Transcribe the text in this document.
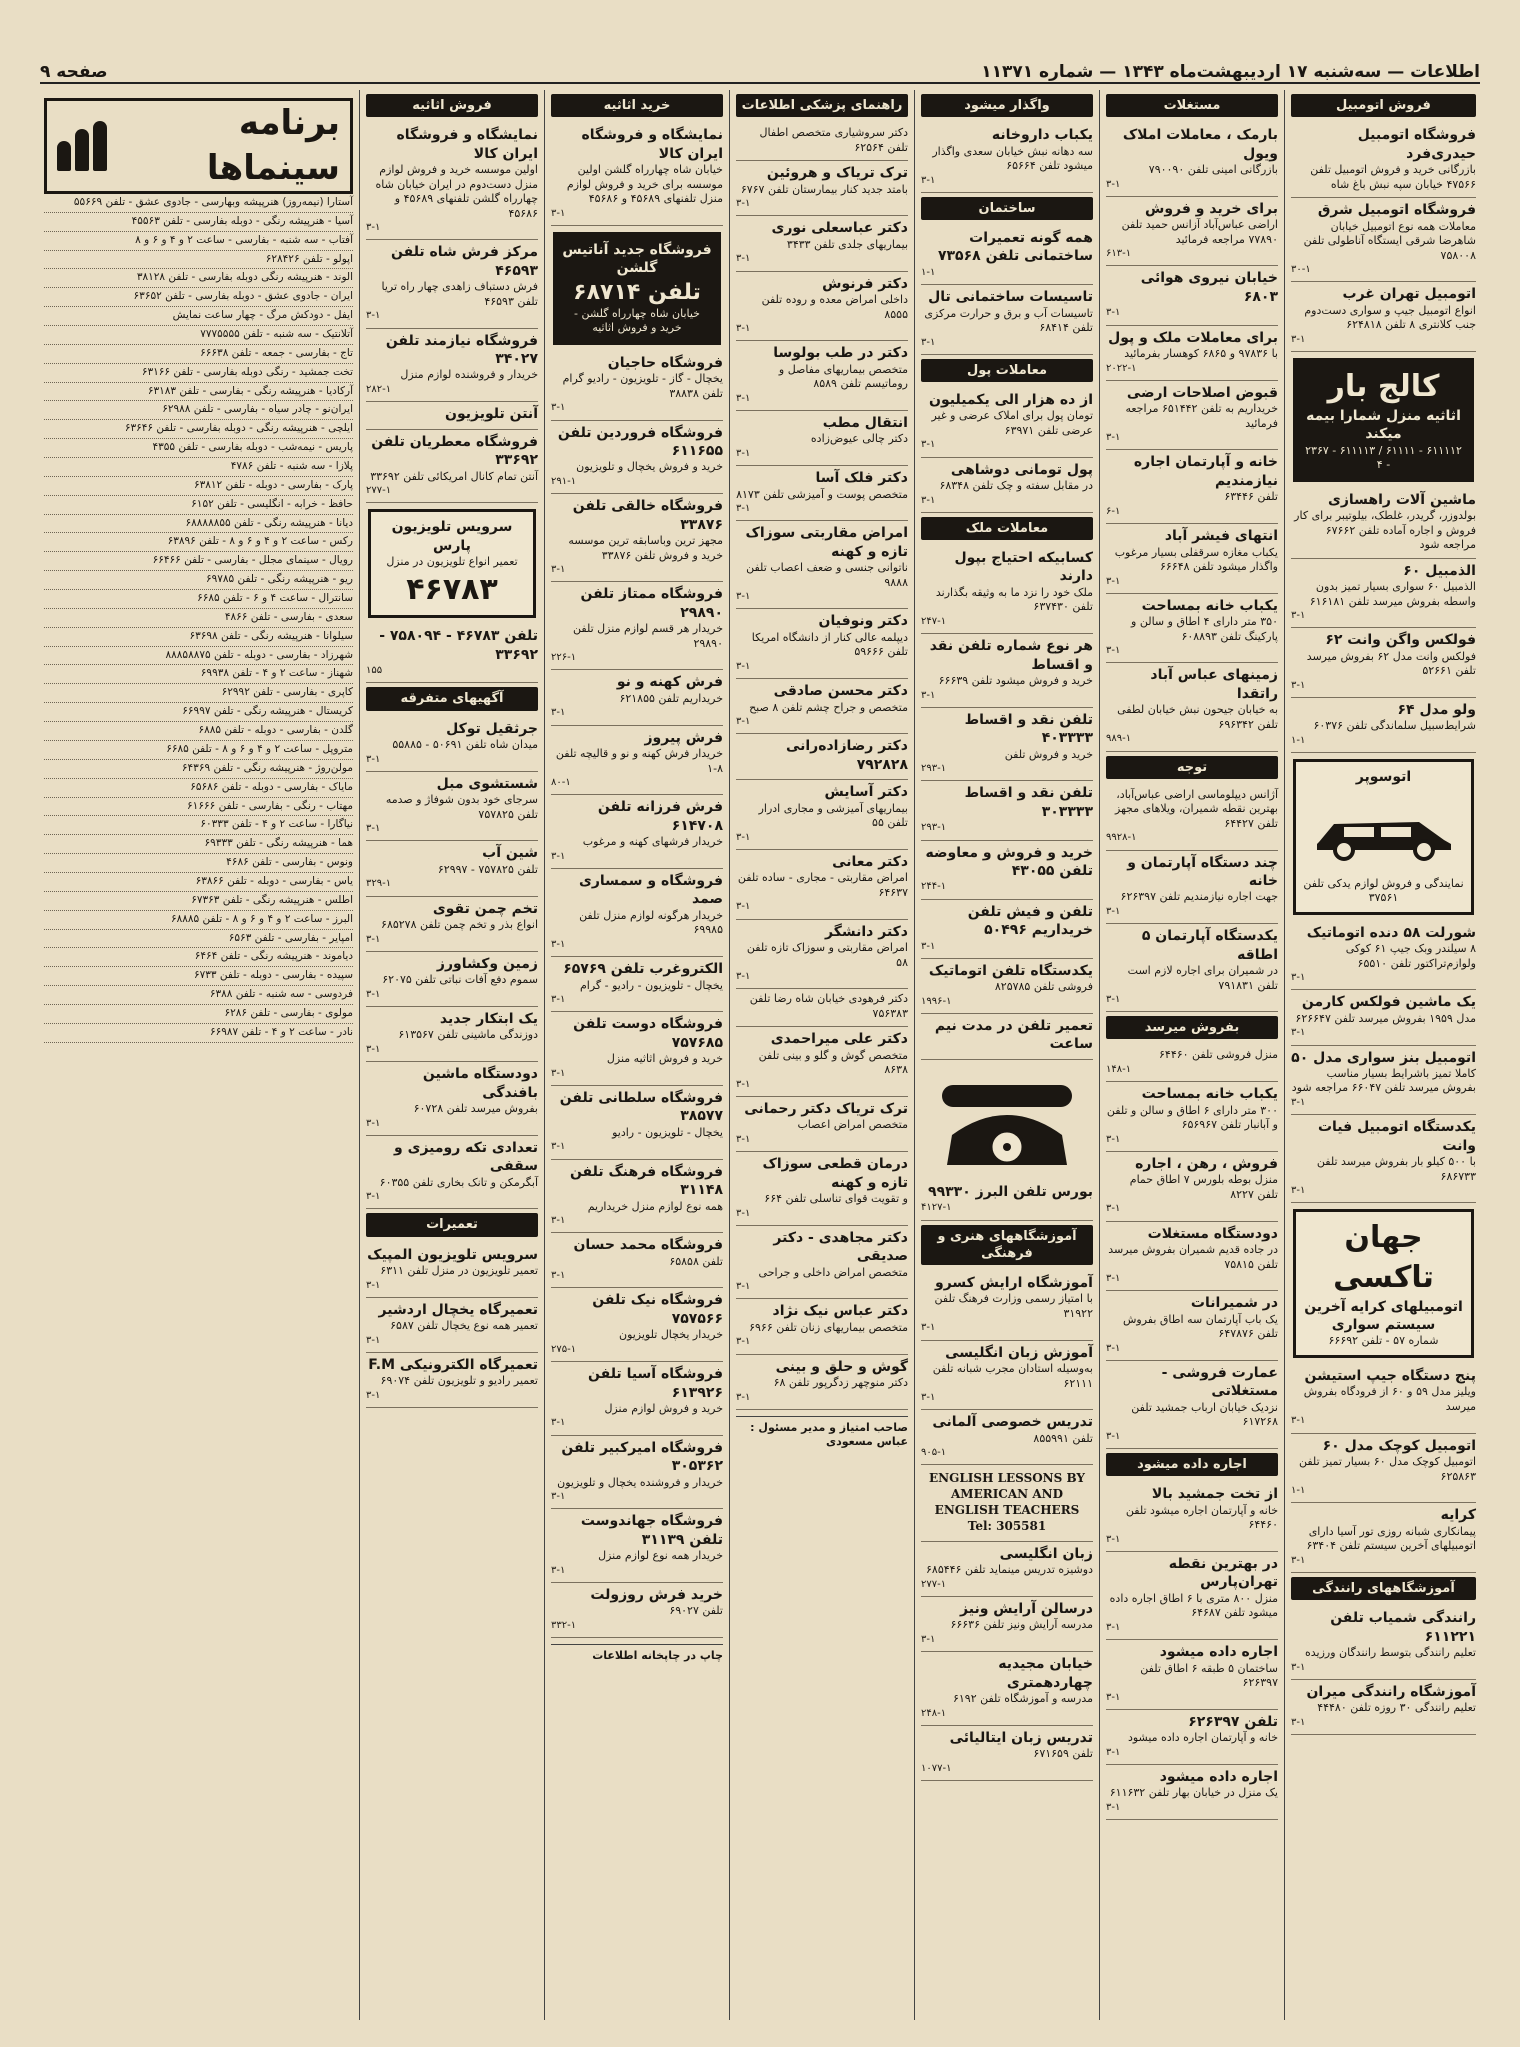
اطلاعات — سه‌شنبه ۱۷ اردیبهشت‌ماه ۱۳۴۳ — شماره ۱۱۳۷۱
صفحه ۹
فروش اتومبیل
فروشگاه اتومبیل حیدری‌فرد
بازرگانی خرید و فروش اتومبیل تلفن ۴۷۵۶۶ خیابان سپه نبش باغ شاه
فروشگاه اتومبیل شرق
معاملات همه نوع اتومبیل خیابان شاهرضا شرقی ایستگاه آناطولی تلفن ۷۵۸۰۰۸
۳۰-۱
اتومبیل تهران غرب
انواع اتومبیل جیپ و سواری دست‌دوم جنب کلانتری ۸ تلفن ۶۲۴۸۱۸
۳-۱
کالج بار
اثاثیه منزل شمارا بیمه میکند
۶۱۱۱۱۲ - ۶۱۱۱۱ / ۶۱۱۱۱۳ - ۲۳۶۷ - ۴
ماشین آلات راهسازی
بولدوزر، گریدر، غلطک، بیلوتیبر برای کار فروش و اجاره آماده تلفن ۶۷۶۶۲ مراجعه شود
الذمبیل ۶۰
الذمبیل ۶۰ سواری بسیار تمیز بدون واسطه بفروش میرسد تلفن ۶۱۶۱۸۱
۳-۱
فولکس واگن وانت ۶۲
فولکس وانت مدل ۶۲ بفروش میرسد تلفن ۵۲۶۶۱
۳-۱
ولو مدل ۶۴
شرایط‌سبیل سلماندگی تلفن ۶۰۳۷۶
۱-۱
اتوسوپر
نمایندگی و فروش لوازم یدکی تلفن ۳۷۵۶۱
شورلت ۵۸ دنده اتوماتیک
۸ سیلندر وبک جیپ ۶۱ کوکی ولوازم‌تراکتور تلفن ۶۵۵۱۰
۳-۱
یک ماشین فولکس کارمن
مدل ۱۹۵۹ بفروش میرسد تلفن ۶۲۶۶۴۷
۳-۱
اتومبیل بنز سواری مدل ۵۰
کاملا تمیز باشرایط بسیار مناسب بفروش میرسد تلفن ۶۶۰۴۷ مراجعه شود
۳-۱
یکدستگاه اتومبیل فیات وانت
با ۵۰۰ کیلو بار بفروش میرسد تلفن ۶۸۶۷۳۳
۳-۱
جهان تاکسی
اتومبیلهای کرایه آخرین سیستم سواری
شماره ۵۷ - تلفن ۶۶۶۹۲
پنج دستگاه جیپ استیشن
ویلیز مدل ۵۹ و ۶۰ از فرودگاه بفروش میرسد
۳-۱
اتومبیل کوچک مدل ۶۰
اتومبیل کوچک مدل ۶۰ بسیار تمیز تلفن ۶۲۵۸۶۳
۱-۱
کرایه
پیمانکاری شبانه روزی تور آسیا دارای اتومبیلهای آخرین سیستم تلفن ۶۳۴۰۴
۳-۱
آموزشگاههای رانندگی
رانندگی شمیاب تلفن ۶۱۱۲۲۱
تعلیم رانندگی بتوسط رانندگان ورزیده
۳-۱
آموزشگاه رانندگی میران
تعلیم رانندگی ۳۰ روزه تلفن ۴۴۴۸۰
۳-۱
مستغلات
بارمک ، معاملات املاک ویول
بازرگانی امینی تلفن ۷۹۰۰۹۰
۳-۱
برای خرید و فروش
اراضی عباس‌آباد آزانس حمید تلفن ۷۷۸۹۰ مراجعه فرمائید
۶۱۳-۱
خیابان نیروی هوائی ۶۸۰۳
۳-۱
برای معاملات ملک و پول
با ۹۷۸۳۶ و ۶۸۶۵ کوهسار بفرمائید
۲۰۲۲-۱
قبوض اصلاحات ارضی
خریداریم به تلفن ۶۵۱۴۴۲ مراجعه فرمائید
۳-۱
خانه و آپارتمان اجاره نیازمندیم
تلفن ۶۳۴۴۶
۶-۱
انتهای فیشر آباد
یکباب مغازه سرقفلی بسیار مرغوب واگذار میشود تلفن ۶۶۶۴۸
۳-۱
یکباب خانه بمساحت
۳۵۰ متر دارای ۴ اطاق و سالن و پارکینگ تلفن ۶۰۸۸۹۳
۳-۱
زمینهای عباس آباد راتقدا
به خیابان جیحون نبش خیابان لطفی تلفن ۶۹۶۳۴۲
۹۸۹-۱
توجه
آژانس دیپلوماسی اراضی عباس‌آباد، بهترین نقطه شمیران، ویلاهای مجهز تلفن ۶۴۴۲۷
۹۹۲۸-۱
چند دستگاه آپارتمان و خانه
جهت اجاره نیازمندیم تلفن ۶۲۶۳۹۷
۳-۱
یکدستگاه آپارتمان ۵ اطاقه
در شمیران برای اجاره لازم است تلفن ۷۹۱۸۳۱
۳-۱
بفروش میرسد
منزل فروشی تلفن ۶۴۴۶۰
۱۴۸-۱
یکباب خانه بمساحت
۳۰۰ متر دارای ۶ اطاق و سالن و تلفن و آبانبار تلفن ۶۵۶۹۶۷
۳-۱
فروش ، رهن ، اجاره
منزل بوطه بلورس ۷ اطاق حمام تلفن ۸۲۲۷
۳-۱
دودستگاه مستغلات
در جاده قدیم شمیران بفروش میرسد تلفن ۷۵۸۱۵
۳-۱
در شمیرانات
یک باب آپارتمان سه اطاق بفروش تلفن ۶۴۷۸۷۶
۳-۱
عمارت فروشی - مستغلاتی
نزدیک خیابان ارباب جمشید تلفن ۶۱۷۲۶۸
۳-۱
اجاره داده میشود
از تخت جمشید بالا
خانه و آپارتمان اجاره میشود تلفن ۶۴۴۶۰
۳-۱
در بهترین نقطه تهران‌پارس
منزل ۸۰۰ متری با ۶ اطاق اجاره داده میشود تلفن ۶۴۶۸۷
۳-۱
اجاره داده میشود
ساختمان ۵ طبقه ۶ اطاق تلفن ۶۲۶۳۹۷
۳-۱
تلفن ۶۲۶۳۹۷
خانه و آپارتمان اجاره داده میشود
۳-۱
اجاره داده میشود
یک منزل در خیابان بهار تلفن ۶۱۱۶۳۲
۳-۱
واگذار میشود
یکباب داروخانه
سه دهانه نبش خیابان سعدی واگذار میشود تلفن ۶۵۶۶۴
۳-۱
ساختمان
همه گونه تعمیرات ساختمانی تلفن ۷۳۵۶۸
۱-۱
تاسیسات ساختمانی تال
تاسیسات آب و برق و حرارت مرکزی تلفن ۶۸۴۱۴
۳-۱
معاملات پول
از ده هزار الی یکمیلیون
تومان پول برای املاک عرضی و غیر عرضی تلفن ۶۳۹۷۱
۳-۱
پول تومانی دوشاهی
در مقابل سفته و چک تلفن ۶۸۳۴۸
۳-۱
معاملات ملک
کسابیکه احتیاج بپول دارند
ملک خود را نزد ما به وثیقه بگذارند تلفن ۶۳۷۴۳۰
۲۴۷-۱
هر نوع شماره تلفن نقد و اقساط
خرید و فروش میشود تلفن ۶۶۶۳۹
۳-۱
تلفن نقد و اقساط ۴۰۳۳۳۳
خرید و فروش تلفن
۲۹۳-۱
تلفن نقد و اقساط ۳۰۳۳۳۳
۲۹۳-۱
خرید و فروش و معاوضه تلفن ۴۳۰۵۵
۲۴۴-۱
تلفن و فیش تلفن خریداریم ۵۰۴۹۶
۳-۱
یکدستگاه تلفن اتوماتیک
فروشی تلفن ۸۲۵۷۸۵
۱۹۹۶-۱
تعمیر تلفن در مدت نیم ساعت
بورس تلفن البرز ۹۹۳۳۰
۴۱۲۷-۱
آموزشگاههای هنری و فرهنگی
آموزشگاه ارایش کسرو
با امتیاز رسمی وزارت فرهنگ تلفن ۳۱۹۲۲
۳-۱
آموزش زبان انگلیسی
به‌وسیله استادان مجرب شبانه تلفن ۶۲۱۱۱
۳-۱
تدریس خصوصی آلمانی
تلفن ۸۵۵۹۹۱
۹۰۵-۱
ENGLISH LESSONS BY
AMERICAN AND
ENGLISH TEACHERS
Tel: 305581
زبان انگلیسی
دوشیزه تدریس مینماید تلفن ۶۸۵۴۴۶
۲۷۷-۱
درسالن آرایش ونیز
مدرسه آرایش ونیز تلفن ۶۶۶۳۶
۳-۱
خیابان مجیدیه چهاردهمتری
مدرسه و آموزشگاه تلفن ۶۱۹۲
۲۴۸-۱
تدریس زبان ایتالیائی
تلفن ۶۷۱۶۵۹
۱۰۷۷-۱
راهنمای پزشکی اطلاعات
دکتر سروشیاری متخصص اطفال تلفن ۶۲۵۶۴
ترک تریاک و هروئین
بامتد جدید کنار بیمارستان تلفن ۶۷۶۷
۳-۱
دکتر عباسعلی نوری
بیماریهای جلدی تلفن ۳۴۳۳
۳-۱
دکتر فرنوش
داخلی امراض معده و روده تلفن ۸۵۵۵
۳-۱
دکتر در طب بولوسا
متخصص بیماریهای مفاصل و روماتیسم تلفن ۸۵۸۹
۳-۱
انتقال مطب
دکتر چالی عیوض‌زاده
۳-۱
دکتر فلک آسا
متخصص پوست و آمیزشی تلفن ۸۱۷۳
۳-۱
امراض مقاربتی سوزاک تازه و کهنه
ناتوانی جنسی و ضعف اعصاب تلفن ۹۸۸۸
۳-۱
دکتر ونوفیان
دیپلمه عالی کنار از دانشگاه امریکا تلفن ۵۹۶۶۶
۳-۱
دکتر محسن صادقی
متخصص و جراح چشم تلفن ۸ صبح
۳-۱
دکتر رضازاده‌رانی ۷۹۲۸۲۸
دکتر آسایش
بیماریهای آمیزشی و مجاری ادرار تلفن ۵۵
۳-۱
دکتر معانی
امراض مقاربتی - مجاری - ساده تلفن ۶۴۶۳۷
۳-۱
دکتر دانشگر
امراض مقاربتی و سوزاک تازه تلفن ۵۸
۳-۱
دکتر فرهودی خیابان شاه رضا تلفن ۷۵۶۳۸۳
دکتر علی میراحمدی
متخصص گوش و گلو و بینی تلفن ۸۶۳۸
۳-۱
ترک تریاک دکتر رحمانی
متخصص امراض اعصاب
۳-۱
درمان قطعی سوزاک تازه و کهنه
و تقویت قوای تناسلی تلفن ۶۶۴
۳-۱
دکتر مجاهدی - دکتر صدیقی
متخصص امراض داخلی و جراحی
۳-۱
دکتر عباس نیک نژاد
متخصص بیماریهای زنان تلفن ۶۹۶۶
۳-۱
گوش و حلق و بینی
دکتر منوچهر زدگرپور تلفن ۶۸
۳-۱
صاحب امتیاز و مدیر مسئول : عباس مسعودی
خرید اثاثیه
نمایشگاه و فروشگاه ایران کالا
خیابان شاه چهارراه گلشن اولین موسسه برای خرید و فروش لوازم منزل تلفنهای ۴۵۶۸۹ و ۴۵۶۸۶
۳-۱
فروشگاه جدید آناتیس گلشن
تلفن ۶۸۷۱۴
خیابان شاه چهارراه گلشن - خرید و فروش اثاثیه
فروشگاه حاجیان
یخچال - گاز - تلویزیون - رادیو گرام تلفن ۳۸۸۳۸
۳-۱
فروشگاه فروردین تلفن ۶۱۱۶۵۵
خرید و فروش یخچال و تلویزیون
۲۹۱-۱
فروشگاه خالقی تلفن ۳۳۸۷۶
مجهز ترین وباسابقه ترین موسسه خرید و فروش تلفن ۳۳۸۷۶
۳-۱
فروشگاه ممتاز تلفن ۲۹۸۹۰
خریدار هر قسم لوازم منزل تلفن ۲۹۸۹۰
۲۲۶-۱
فرش کهنه و نو
خریداریم تلفن ۶۲۱۸۵۵
۳-۱
فرش پیروز
خریدار فرش کهنه و نو و قالیچه تلفن ۸-۱
۸۰-۱
فرش فرزانه تلفن ۶۱۴۷۰۸
خریدار فرشهای کهنه و مرغوب
۳-۱
فروشگاه و سمساری صمد
خریدار هرگونه لوازم منزل تلفن ۶۹۹۸۵
۳-۱
الکتروغرب تلفن ۶۵۷۶۹
یخچال - تلویزیون - رادیو - گرام
۳-۱
فروشگاه دوست تلفن ۷۵۷۶۸۵
خرید و فروش اثاثیه منزل
۳-۱
فروشگاه سلطانی تلفن ۳۸۵۷۷
یخچال - تلویزیون - رادیو
۳-۱
فروشگاه فرهنگ تلفن ۳۱۱۴۸
همه نوع لوازم منزل خریداریم
۳-۱
فروشگاه محمد حسان
تلفن ۶۵۸۵۸
۳-۱
فروشگاه نیک تلفن ۷۵۷۵۶۶
خریدار یخچال تلویزیون
۲۷۵-۱
فروشگاه آسیا تلفن ۶۱۳۹۲۶
خرید و فروش لوازم منزل
۳-۱
فروشگاه امیرکبیر تلفن ۳۰۵۳۶۲
خریدار و فروشنده یخچال و تلویزیون
۳-۱
فروشگاه جهاندوست تلفن ۳۱۱۳۹
خریدار همه نوع لوازم منزل
۳-۱
خرید فرش روزولت
تلفن ۶۹۰۲۷
۳۳۲-۱
چاپ در چاپخانه اطلاعات
فروش اثاثیه
نمایشگاه و فروشگاه ایران کالا
اولین موسسه خرید و فروش لوازم منزل دست‌دوم در ایران خیابان شاه چهارراه گلشن تلفنهای ۴۵۶۸۹ و ۴۵۶۸۶
۳-۱
مرکز فرش شاه تلفن ۴۶۵۹۳
فرش دستباف زاهدی چهار راه تریا تلفن ۴۶۵۹۳
۳-۱
فروشگاه نیازمند تلفن ۳۴۰۲۷
خریدار و فروشنده لوازم منزل
۲۸۲-۱
آنتن تلویزیون
فروشگاه معطریان تلفن ۳۳۶۹۲
آنتن تمام کانال امریکائی تلفن ۳۳۶۹۲
۲۷۷-۱
سرویس تلویزیون پارس
تعمیر انواع تلویزیون در منزل
۴۶۷۸۳
تلفن ۴۶۷۸۳ - ۷۵۸۰۹۴ - ۳۳۶۹۲
۱۵۵
آگهیهای متفرقه
جرثقیل توکل
میدان شاه تلفن ۵۰۶۹۱ - ۵۵۸۸۵
۳-۱
شستشوی مبل
سرجای خود بدون شوفاژ و صدمه تلفن ۷۵۷۸۲۵
۳-۱
شین آب
تلفن ۷۵۷۸۲۵ - ۶۲۹۹۷
۳۲۹-۱
تخم چمن تقوی
انواع بذر و تخم چمن تلفن ۶۸۵۲۷۸
۳-۱
زمین وکشاورز
سموم دفع آفات نباتی تلفن ۶۲۰۷۵
۳-۱
یک ابتکار جدید
دوزندگی ماشینی تلفن ۶۱۳۵۶۷
۳-۱
دودستگاه ماشین بافندگی
بفروش میرسد تلفن ۶۰۷۲۸
۳-۱
تعدادی تکه رومیزی و سقفی
آبگرمکن و تانک بخاری تلفن ۶۰۳۵۵
۳-۱
تعمیرات
سرویس تلویزیون المپیک
تعمیر تلویزیون در منزل تلفن ۶۳۱۱
۳-۱
تعمیرگاه یخچال اردشیر
تعمیر همه نوع یخچال تلفن ۶۵۸۷
۳-۱
تعمیرگاه الکترونیکی F.M
تعمیر رادیو و تلویزیون تلفن ۶۹۰۷۴
۳-۱
برنامه سینماها
آستارا (نیمه‌روز) هنرپیشه وبهارسی - جادوی عشق - تلفن ۵۵۶۶۹
آسیا - هنرپیشه رنگی - دوبله بفارسی - تلفن ۴۵۵۶۳
آفتاب - سه شنبه - بفارسی - ساعت ۲ و ۴ و ۶ و ۸
اپولو - تلفن ۶۲۸۴۲۶
الوند - هنرپیشه رنگی دوبله بفارسی - تلفن ۳۸۱۲۸
ایران - جادوی عشق - دوبله بفارسی - تلفن ۶۳۶۵۲
ایفل - دودکش مرگ - چهار ساعت نمایش
آتلانتیک - سه شنبه - تلفن ۷۷۷۵۵۵۵
تاج - بفارسی - جمعه - تلفن ۶۶۶۳۸
تخت جمشید - رنگی دوبله بفارسی - تلفن ۶۳۱۶۶
آرکادیا - هنرپیشه رنگی - بفارسی - تلفن ۶۳۱۸۳
ایران‌نو - چادر سیاه - بفارسی - تلفن ۶۲۹۸۸
ایلچی - هنرپیشه رنگی - دوبله بفارسی - تلفن ۶۳۶۴۶
پاریس - نیمه‌شب - دوبله بفارسی - تلفن ۴۳۵۵
پلازا - سه شنبه - تلفن ۴۷۸۶
پارک - بفارسی - دوبله - تلفن ۶۳۸۱۲
حافظ - خرابه - انگلیسی - تلفن ۶۱۵۲
دیانا - هنرپیشه رنگی - تلفن ۶۸۸۸۸۸۵۵
رکس - ساعت ۲ و ۴ و ۶ و ۸ - تلفن ۶۳۸۹۶
رویال - سینمای مجلل - بفارسی - تلفن ۶۶۴۶۶
ریو - هنرپیشه رنگی - تلفن ۶۹۷۸۵
سانترال - ساعت ۴ و ۶ - تلفن ۶۶۸۵
سعدی - بفارسی - تلفن ۴۸۶۶
سیلوانا - هنرپیشه رنگی - تلفن ۶۳۶۹۸
شهرزاد - بفارسی - دوبله - تلفن ۸۸۸۵۸۸۷۵
شهناز - ساعت ۲ و ۴ - تلفن ۶۹۹۳۸
کاپری - بفارسی - تلفن ۶۲۹۹۲
کریستال - هنرپیشه رنگی - تلفن ۶۶۹۹۷
گلدن - بفارسی - دوبله - تلفن ۶۸۸۵
متروپل - ساعت ۲ و ۴ و ۶ و ۸ - تلفن ۶۶۸۵
مولن‌روژ - هنرپیشه رنگی - تلفن ۶۴۳۶۹
مایاک - بفارسی - دوبله - تلفن ۶۵۶۸۶
مهتاب - رنگی - بفارسی - تلفن ۶۱۶۶۶
نیاگارا - ساعت ۲ و ۴ - تلفن ۶۰۳۳۳
هما - هنرپیشه رنگی - تلفن ۶۹۳۳۳
ونوس - بفارسی - تلفن ۴۶۸۶
یاس - بفارسی - دوبله - تلفن ۶۳۸۶۶
اطلس - هنرپیشه رنگی - تلفن ۶۷۳۶۳
البرز - ساعت ۲ و ۴ و ۶ و ۸ - تلفن ۶۸۸۸۵
امپایر - بفارسی - تلفن ۶۵۶۳
دیاموند - هنرپیشه رنگی - تلفن ۶۴۶۴
سپیده - بفارسی - دوبله - تلفن ۶۷۳۳
فردوسی - سه شنبه - تلفن ۶۳۸۸
مولوی - بفارسی - تلفن ۶۲۸۶
نادر - ساعت ۲ و ۴ - تلفن ۶۶۹۸۷
